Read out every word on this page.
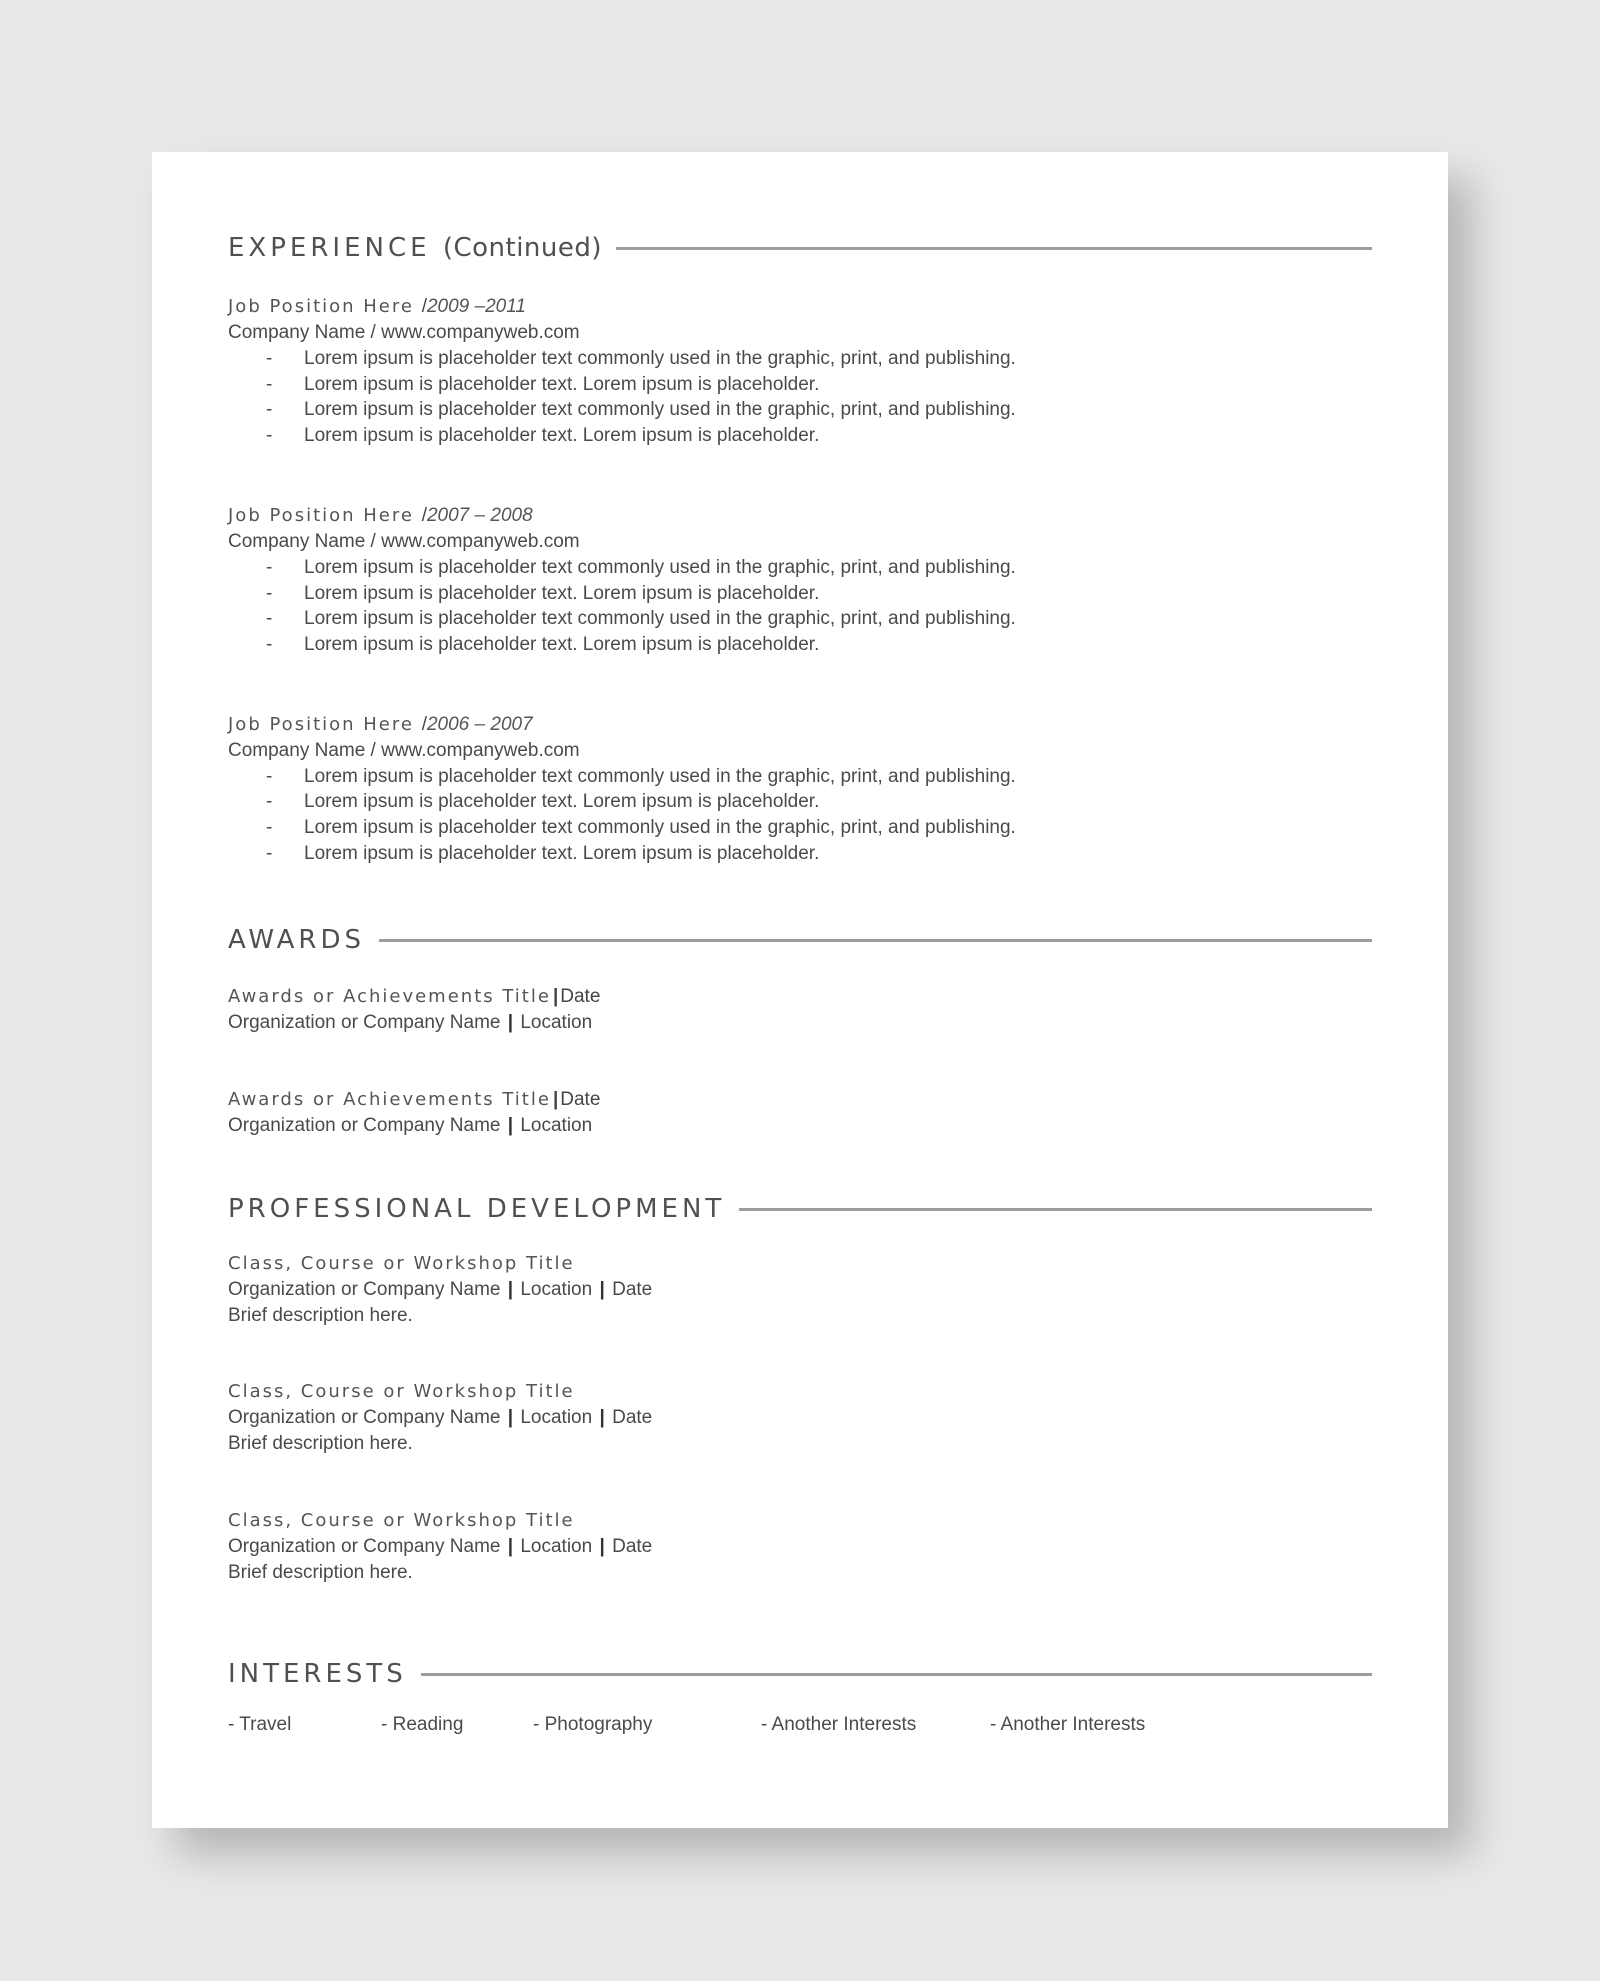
EXPERIENCE (Continued)
Job Position Here /2009 –2011
Company Name / www.companyweb.com
- Lorem ipsum is placeholder text commonly used in the graphic, print, and publishing.
- Lorem ipsum is placeholder text. Lorem ipsum is placeholder.
- Lorem ipsum is placeholder text commonly used in the graphic, print, and publishing.
- Lorem ipsum is placeholder text. Lorem ipsum is placeholder.
Job Position Here /2007 – 2008
Company Name / www.companyweb.com
- Lorem ipsum is placeholder text commonly used in the graphic, print, and publishing.
- Lorem ipsum is placeholder text. Lorem ipsum is placeholder.
- Lorem ipsum is placeholder text commonly used in the graphic, print, and publishing.
- Lorem ipsum is placeholder text. Lorem ipsum is placeholder.
Job Position Here /2006 – 2007
Company Name / www.companyweb.com
- Lorem ipsum is placeholder text commonly used in the graphic, print, and publishing.
- Lorem ipsum is placeholder text. Lorem ipsum is placeholder.
- Lorem ipsum is placeholder text commonly used in the graphic, print, and publishing.
- Lorem ipsum is placeholder text. Lorem ipsum is placeholder.
AWARDS
Awards or Achievements Title | Date
Organization or Company Name | Location
Awards or Achievements Title | Date
Organization or Company Name | Location
PROFESSIONAL DEVELOPMENT
Class, Course or Workshop Title
Organization or Company Name | Location | Date
Brief description here.
Class, Course or Workshop Title
Organization or Company Name | Location | Date
Brief description here.
Class, Course or Workshop Title
Organization or Company Name | Location | Date
Brief description here.
INTERESTS
- Travel	- Reading	- Photography	- Another Interests	- Another Interests
